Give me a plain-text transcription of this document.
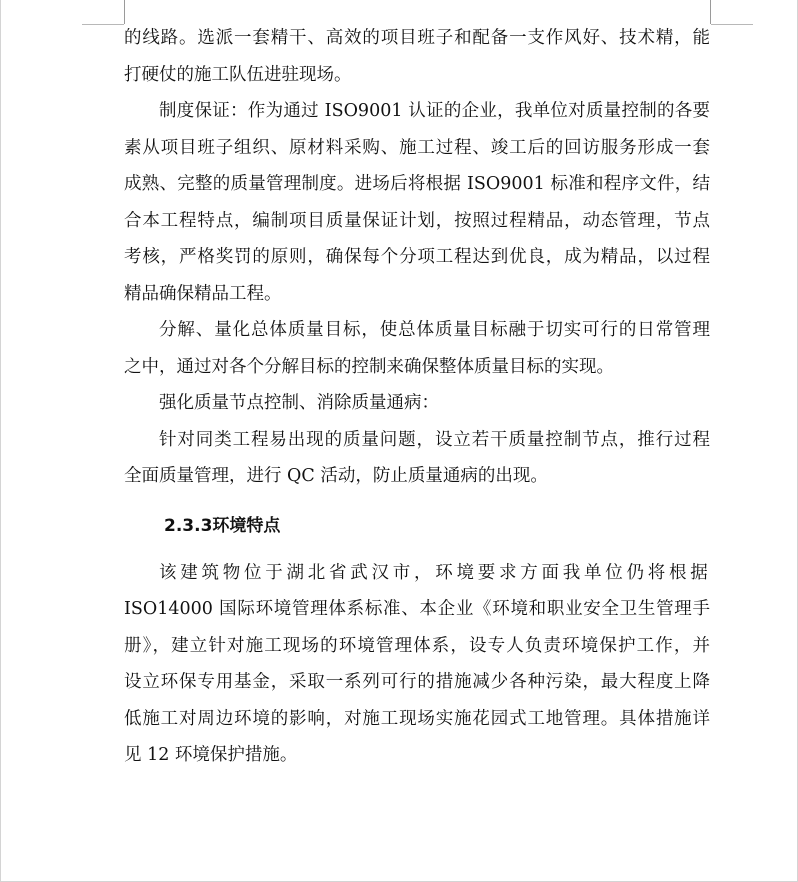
的线路。选派一套精干、高效的项目班子和配备一支作风好、技术精，能
打硬仗的施工队伍进驻现场。
制度保证：作为通过 ISO9001 认证的企业，我单位对质量控制的各要
素从项目班子组织、原材料采购、施工过程、竣工后的回访服务形成一套
成熟、完整的质量管理制度。进场后将根据 ISO9001 标准和程序文件，结
合本工程特点，编制项目质量保证计划，按照过程精品，动态管理，节点
考核，严格奖罚的原则，确保每个分项工程达到优良，成为精品，以过程
精品确保精品工程。
分解、量化总体质量目标，使总体质量目标融于切实可行的日常管理
之中，通过对各个分解目标的控制来确保整体质量目标的实现。
强化质量节点控制、消除质量通病：
针对同类工程易出现的质量问题，设立若干质量控制节点，推行过程
全面质量管理，进行 QC 活动，防止质量通病的出现。
2.3.3环境特点
该建筑物位于湖北省武汉市，环境要求方面我单位仍将根据
ISO14000 国际环境管理体系标准、本企业《环境和职业安全卫生管理手
册》，建立针对施工现场的环境管理体系，设专人负责环境保护工作，并
设立环保专用基金，采取一系列可行的措施减少各种污染，最大程度上降
低施工对周边环境的影响，对施工现场实施花园式工地管理。具体措施详
见 12 环境保护措施。
